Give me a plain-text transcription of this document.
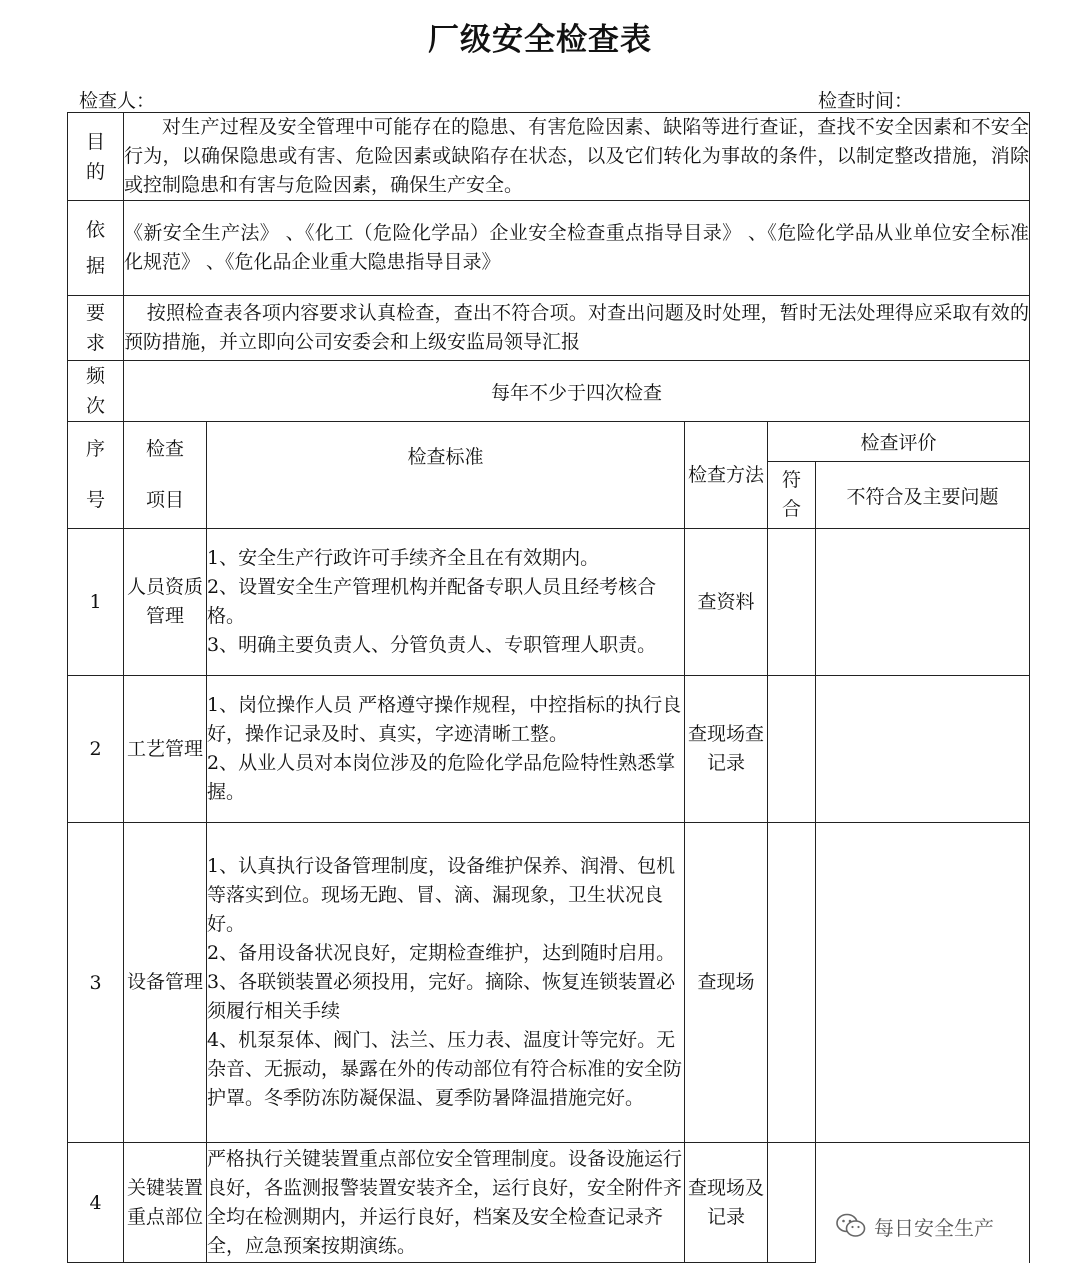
厂级安全检查表
检查人：	检查时间：
目
的	对生产过程及安全管理中可能存在的隐患、有害危险因素、缺陷等进行查证，查找不安全因素和不安全行为，以确保隐患或有害、危险因素或缺陷存在状态，以及它们转化为事故的条件，以制定整改措施，消除或控制隐患和有害与危险因素，确保生产安全。				

依
据	《新安全生产法》 、《化工（危险化学品）企业安全检查重点指导目录》 、《危险化学品从业单位安全标准化规范》 、《危化品企业重大隐患指导目录》				

要
求	按照检查表各项内容要求认真检查，查出不符合项。对查出问题及时处理，暂时无法处理得应采取有效的预防措施，并立即向公司安委会和上级安监局领导汇报				

频
次	每年不少于四次检查				

序
号	检查
项目	检查标准	检查方法	检查评价	
				符合	不符合及主要问题
1	人员资质管理	1、安全生产行政许可手续齐全且在有效期内。

2、设置安全生产管理机构并配备专职人员且经考核合格。

3、明确主要负责人、分管负责人、专职管理人职责。	查资料		
2	工艺管理	1、岗位操作人员 严格遵守操作规程，中控指标的执行良好，操作记录及时、真实，字迹清晰工整。

2、从业人员对本岗位涉及的危险化学品危险特性熟悉掌握。	查现场查记录		
3	设备管理	1、认真执行设备管理制度，设备维护保养、润滑、包机等落实到位。现场无跑、冒、滴、漏现象，卫生状况良好。

2、备用设备状况良好，定期检查维护，达到随时启用。

3、各联锁装置必须投用，完好。摘除、恢复连锁装置必须履行相关手续

4、机泵泵体、阀门、法兰、压力表、温度计等完好。无杂音、无振动，暴露在外的传动部位有符合标准的安全防护罩。冬季防冻防凝保温、夏季防暑降温措施完好。	查现场		
4	关键装置重点部位	严格执行关键装置重点部位安全管理制度。设备设施运行良好，各监测报警装置安装齐全，运行良好，安全附件齐全均在检测期内，并运行良好，档案及安全检查记录齐全，应急预案按期演练。	查现场及记录			每日安全生产
